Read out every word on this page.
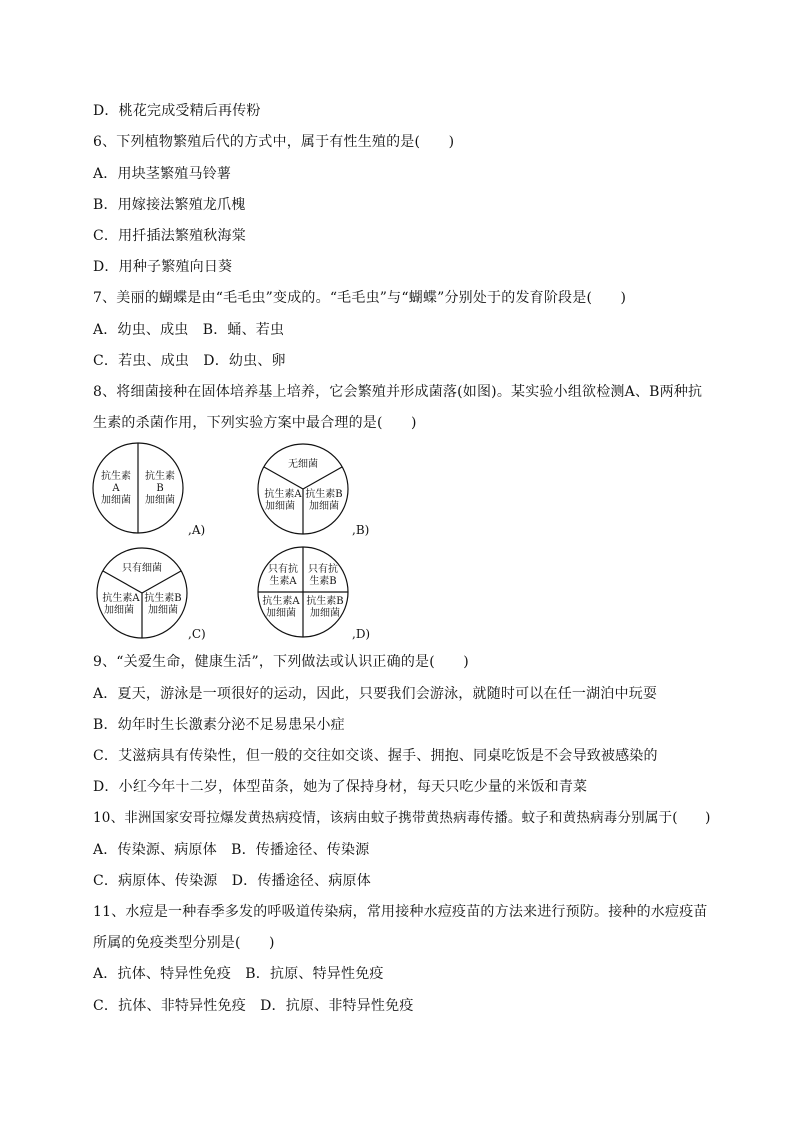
D．桃花完成受精后再传粉
6、下列植物繁殖后代的方式中，属于有性生殖的是(　　)
A．用块茎繁殖马铃薯
B．用嫁接法繁殖龙爪槐
C．用扦插法繁殖秋海棠
D．用种子繁殖向日葵
7、美丽的蝴蝶是由“毛毛虫”变成的。“毛毛虫”与“蝴蝶”分别处于的发育阶段是(　　)
A．幼虫、成虫　B．蛹、若虫
C．若虫、成虫　D．幼虫、卵
8、将细菌接种在固体培养基上培养，它会繁殖并形成菌落(如图)。某实验小组欲检测A、B两种抗
生素的杀菌作用，下列实验方案中最合理的是(　　)
抗生素
A
加细菌
抗生素
B
加细菌
,A)
无细菌
抗生素A
加细菌
抗生素B
加细菌
,B)
只有细菌
抗生素A
加细菌
抗生素B
加细菌
,C)
只有抗
生素A
只有抗
生素B
抗生素A
加细菌
抗生素B
加细菌
,D)
9、“关爱生命，健康生活”，下列做法或认识正确的是(　　)
A．夏天，游泳是一项很好的运动，因此，只要我们会游泳，就随时可以在任一湖泊中玩耍
B．幼年时生长激素分泌不足易患呆小症
C．艾滋病具有传染性，但一般的交往如交谈、握手、拥抱、同桌吃饭是不会导致被感染的
D．小红今年十二岁，体型苗条，她为了保持身材，每天只吃少量的米饭和青菜
10、非洲国家安哥拉爆发黄热病疫情，该病由蚊子携带黄热病毒传播。蚊子和黄热病毒分别属于(　　)
A．传染源、病原体　B．传播途径、传染源
C．病原体、传染源　D．传播途径、病原体
11、水痘是一种春季多发的呼吸道传染病，常用接种水痘疫苗的方法来进行预防。接种的水痘疫苗
所属的免疫类型分别是(　　)
A．抗体、特异性免疫　B．抗原、特异性免疫
C．抗体、非特异性免疫　D．抗原、非特异性免疫
